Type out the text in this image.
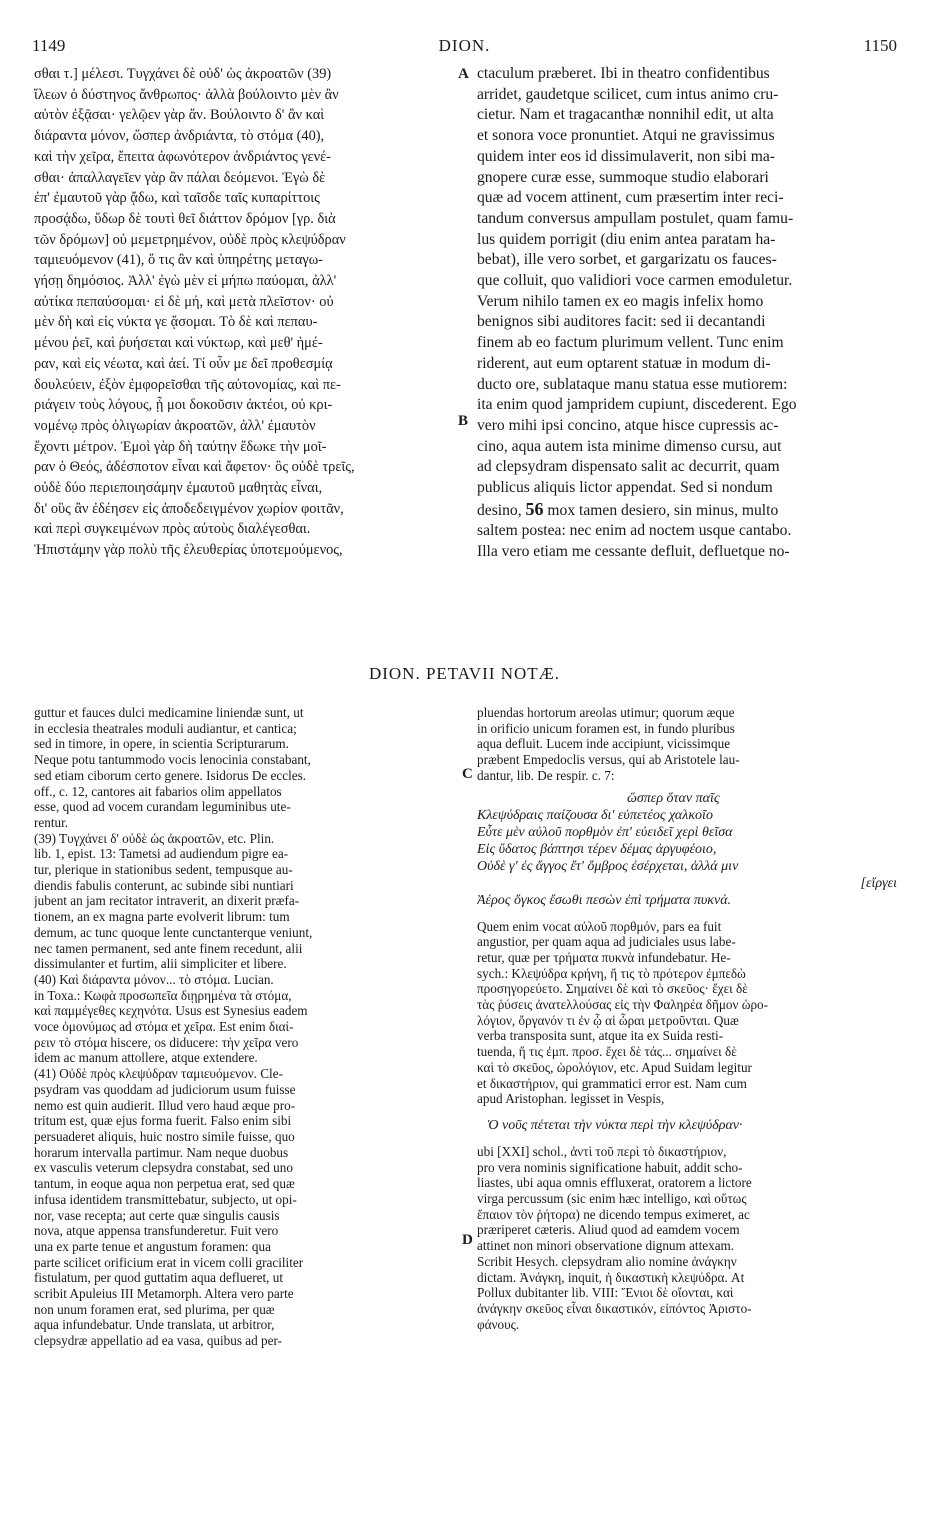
1149	DION.	1150
σθαι τ.] μέλεσι. Τυγχάνει δὲ οὐδ' ὡς ἀκροατῶν (39)
ἴλεων ὁ δύστηνος ἄνθρωπος· ἀλλὰ βούλοιντο μὲν ἂν
αὐτὸν ἐξᾷσαι· γελῷεν γὰρ ἄν. Βούλοιντο δ' ἂν καὶ
διάραντα μόνον, ὥσπερ ἀνδριάντα, τὸ στόμα (40),
καὶ τὴν χεῖρα, ἔπειτα ἀφωνότερον ἀνδριάντος γενέ-
σθαι· ἀπαλλαγεῖεν γὰρ ἂν πάλαι δεόμενοι. Ἐγὼ δὲ
ἐπ' ἐμαυτοῦ γὰρ ᾄδω, καὶ ταῖσδε ταῖς κυπαρίττοις
προσᾴδω, ὕδωρ δὲ τουτὶ θεῖ διάττον δρόμον [γρ. διὰ
τῶν δρόμων] οὐ μεμετρημένον, οὐδὲ πρὸς κλεψύδραν
ταμιευόμενον (41), ὅ τις ἂν καὶ ὑπηρέτης μεταγω-
γήσῃ δημόσιος. Ἀλλ' ἐγὼ μὲν εἰ μήπω παύομαι, ἀλλ'
αὐτίκα πεπαύσομαι· εἰ δὲ μή, καὶ μετὰ πλεῖστον· οὐ
μὲν δὴ καὶ εἰς νύκτα γε ᾄσομαι. Τὸ δὲ καὶ πεπαυ-
μένου ῥεῖ, καὶ ῥυήσεται καὶ νύκτωρ, καὶ μεθ' ἡμέ-
ραν, καὶ εἰς νέωτα, καὶ ἀεί. Τί οὖν με δεῖ προθεσμίᾳ
δουλεύειν, ἐξὸν ἐμφορεῖσθαι τῆς αὐτονομίας, καὶ πε-
ριάγειν τοὺς λόγους, ᾗ μοι δοκοῦσιν ἀκτέοι, οὐ κρι-
νομένῳ πρὸς ὀλιγωρίαν ἀκροατῶν, ἀλλ' ἐμαυτὸν
ἔχοντι μέτρον. Ἐμοὶ γὰρ δὴ ταύτην ἔδωκε τὴν μοῖ-
ραν ὁ Θεός, ἀδέσποτον εἶναι καὶ ἄφετον· ὃς οὐδὲ τρεῖς,
οὐδὲ δύο περιεποιησάμην ἐμαυτοῦ μαθητὰς εἶναι,
δι' οὓς ἂν ἐδέησεν εἰς ἀποδεδειγμένον χωρίον φοιτᾶν,
καὶ περὶ συγκειμένων πρὸς αὐτοὺς διαλέγεσθαι.
Ἠπιστάμην γὰρ πολὺ τῆς ἐλευθερίας ὑποτεμούμενος,
A
B
ctaculum præberet. Ibi in theatro confidentibus
arridet, gaudetque scilicet, cum intus animo cru-
cietur. Nam et tragacanthæ nonnihil edit, ut alta
et sonora voce pronuntiet. Atqui ne gravissimus
quidem inter eos id dissimulaverit, non sibi ma-
gnopere curæ esse, summoque studio elaborari
quæ ad vocem attinent, cum præsertim inter reci-
tandum conversus ampullam postulet, quam famu-
lus quidem porrigit (diu enim antea paratam ha-
bebat), ille vero sorbet, et gargarizatu os fauces-
que colluit, quo validiori voce carmen emoduletur.
Verum nihilo tamen ex eo magis infelix homo
benignos sibi auditores facit: sed ii decantandi
finem ab eo factum plurimum vellent. Tunc enim
riderent, aut eum optarent statuæ in modum di-
ducto ore, sublataque manu statua esse mutiorem:
ita enim quod jampridem cupiunt, discederent. Ego
vero mihi ipsi concino, atque hisce cupressis ac-
cino, aqua autem ista minime dimenso cursu, aut
ad clepsydram dispensato salit ac decurrit, quam
publicus aliquis lictor appendat. Sed si nondum
desino, 56 mox tamen desiero, sin minus, multo
saltem postea: nec enim ad noctem usque cantabo.
Illa vero etiam me cessante defluit, defluetque no-
DION. PETAVII NOTÆ.
guttur et fauces dulci medicamine liniendæ sunt, ut
in ecclesia theatrales moduli audiantur, et cantica;
sed in timore, in opere, in scientia Scripturarum.
Neque potu tantummodo vocis lenocinia constabant,
sed etiam ciborum certo genere. Isidorus De eccles.
off., c. 12, cantores ait fabarios olim appellatos
esse, quod ad vocem curandam leguminibus ute-
rentur.
(39) Τυγχάνει δ' οὐδὲ ὡς ἀκροατῶν, etc. Plin.
lib. 1, epist. 13: Tametsi ad audiendum pigre ea-
tur, plerique in stationibus sedent, tempusque au-
diendis fabulis conterunt, ac subinde sibi nuntiari
jubent an jam recitator intraverit, an dixerit præfa-
tionem, an ex magna parte evolverit librum: tum
demum, ac tunc quoque lente cunctanterque veniunt,
nec tamen permanent, sed ante finem recedunt, alii
dissimulanter et furtim, alii simpliciter et libere.
(40) Καὶ διάραντα μόνον... τὸ στόμα. Lucian.
in Toxa.: Κωφὰ προσωπεῖα διῃρημένα τὰ στόμα,
καὶ παμμέγεθες κεχηνότα. Usus est Synesius eadem
voce ὁμονύμως ad στόμα et χεῖρα. Est enim διαί-
ρειν τὸ στόμα hiscere, os diducere: τὴν χεῖρα vero
idem ac manum attollere, atque extendere.
(41) Οὐδὲ πρὸς κλεψύδραν ταμιευόμενον. Cle-
psydram vas quoddam ad judiciorum usum fuisse
nemo est quin audierit. Illud vero haud æque pro-
tritum est, quæ ejus forma fuerit. Falso enim sibi
persuaderet aliquis, huic nostro simile fuisse, quo
horarum intervalla partimur. Nam neque duobus
ex vasculis veterum clepsydra constabat, sed uno
tantum, in eoque aqua non perpetua erat, sed quæ
infusa identidem transmittebatur, subjecto, ut opi-
nor, vase recepta; aut certe quæ singulis causis
nova, atque appensa transfunderetur. Fuit vero
una ex parte tenue et angustum foramen: qua
parte scilicet orificium erat in vicem colli graciliter
fistulatum, per quod guttatim aqua deflueret, ut
scribit Apuleius III Metamorph. Altera vero parte
non unum foramen erat, sed plurima, per quæ
aqua infundebatur. Unde translata, ut arbitror,
clepsydræ appellatio ad ea vasa, quibus ad per-
C
D
pluendas hortorum areolas utimur; quorum æque
in orificio unicum foramen est, in fundo pluribus
aqua defluit. Lucem inde accipiunt, vicissimque
præbent Empedoclis versus, qui ab Aristotele lau-
dantur, lib. De respir. c. 7:
ὥσπερ ὅταν παῖς
Κλεψύδραις παίζουσα δι' εὐπετέος χαλκοῖο
Εὖτε μὲν αὐλοῦ πορθμὸν ἐπ' εὐειδεῖ χερὶ θεῖσα
Εἰς ὕδατος βάπτησι τέρεν δέμας ἀργυφέοιο,
Οὐδὲ γ' ἐς ἄγγος ἔτ' ὄμβρος ἐσέρχεται, ἀλλά μιν
[εἴργει
Ἀέρος ὄγκος ἔσωθι πεσὼν ἐπὶ τρήματα πυκνά.
Quem enim vocat αὐλοῦ πορθμόν, pars ea fuit
angustior, per quam aqua ad judiciales usus labe-
retur, quæ per τρήματα πυκνὰ infundebatur. He-
sych.: Κλεψύδρα κρήνη, ἤ τις τὸ πρότερον ἐμπεδὼ
προσηγορεύετο. Σημαίνει δὲ καὶ τὸ σκεῦος· ἔχει δὲ
τὰς ῥύσεις ἀνατελλούσας εἰς τὴν Φαληρέα δῆμον ὡρο-
λόγιον, ὄργανόν τι ἐν ᾧ αἱ ὧραι μετροῦνται. Quæ
verba transposita sunt, atque ita ex Suida resti-
tuenda, ἤ τις ἐμπ. προσ. ἔχει δὲ τάς... σημαίνει δὲ
καὶ τὸ σκεῦος, ὡρολόγιον, etc. Apud Suidam legitur
et δικαστήριον, qui grammatici error est. Nam cum
apud Aristophan. legisset in Vespis,
Ὁ νοῦς πέτεται τὴν νύκτα περὶ τὴν κλεψύδραν·
ubi [XXI] schol., ἀντὶ τοῦ περὶ τὸ δικαστήριον,
pro vera nominis significatione habuit, addit scho-
liastes, ubi aqua omnis effluxerat, oratorem a lictore
virga percussum (sic enim hæc intelligo, καὶ οὕτως
ἔπαιον τὸν ῥήτορα) ne dicendo tempus eximeret, ac
præriperet cæteris. Aliud quod ad eamdem vocem
attinet non minori observatione dignum attexam.
Scribit Hesych. clepsydram alio nomine ἀνάγκην
dictam. Ἀνάγκη, inquit, ἡ δικαστικὴ κλεψύδρα. At
Pollux dubitanter lib. VIII: Ἔνιοι δὲ οἴονται, καὶ
ἀνάγκην σκεῦος εἶναι δικαστικόν, εἰπόντος Ἀριστο-
φάνους.
